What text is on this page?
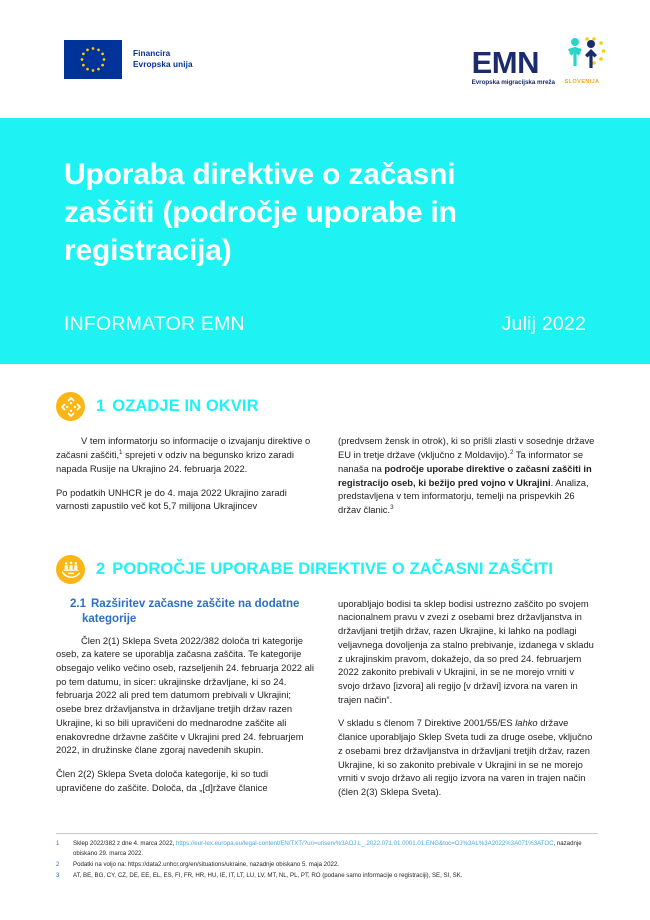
Financira
Evropska unija	EMN
Evropska migracijska mreža SLOVENIJA
Uporaba direktive o začasni zaščiti (področje uporabe in registracija)
INFORMATOR EMN	Julij 2022
1 OZADJE IN OKVIR

V tem informatorju so informacije o izvajanju direktive o začasni zaščiti,$^1$ sprejeti v odziv na begunsko krizo zaradi napada Rusije na Ukrajino 24. februarja 2022.

Po podatkih UNHCR je do 4. maja 2022 Ukrajino zaradi varnosti zapustilo več kot 5,7 milijona Ukrajincev

(predvsem žensk in otrok), ki so prišli zlasti v sosednje države EU in tretje države (vključno z Moldavijo).$^2$ Ta informator se nanaša na področje uporabe direktive o začasni zaščiti in registracijo oseb, ki bežijo pred vojno v Ukrajini. Analiza, predstavljena v tem informatorju, temelji na prispevkih 26 držav članic.$^3$

2 PODROČJE UPORABE DIREKTIVE O ZAČASNI ZAŠČITI
2.1 Razširitev začasne zaščite na dodatne kategorije

Člen 2(1) Sklepa Sveta 2022/382 določa tri kategorije oseb, za katere se uporablja začasna zaščita. Te kategorije obsegajo veliko večino oseb, razseljenih 24. februarja 2022 ali po tem datumu, in sicer: ukrajinske državljane, ki so 24. februarja 2022 ali pred tem datumom prebivali v Ukrajini; osebe brez državljanstva in državljane tretjih držav razen Ukrajine, ki so bili upravičeni do mednarodne zaščite ali enakovredne državne zaščite v Ukrajini pred 24. februarjem 2022, in družinske člane zgoraj navedenih skupin.

Člen 2(2) Sklepa Sveta določa kategorije, ki so tudi upravičene do zaščite. Določa, da „[d]ržave članice

uporabljajo bodisi ta sklep bodisi ustrezno zaščito po svojem nacionalnem pravu v zvezi z osebami brez državljanstva in državljani tretjih držav, razen Ukrajine, ki lahko na podlagi veljavnega dovoljenja za stalno prebivanje, izdanega v skladu z ukrajinskim pravom, dokažejo, da so pred 24. februarjem 2022 zakonito prebivali v Ukrajini, in se ne morejo vrniti v svojo državo [izvora] ali regijo [v državi] izvora na varen in trajen način“.

V skladu s členom 7 Direktive 2001/55/ES lahko države članice uporabljajo Sklep Sveta tudi za druge osebe, vključno z osebami brez državljanstva in državljani tretjih držav, razen Ukrajine, ki so zakonito prebivale v Ukrajini in se ne morejo vrniti v svojo državo ali regijo izvora na varen in trajen način (člen 2(3) Sklepa Sveta).

1	Sklep 2022/382 z dne 4. marca 2022, https://eur-lex.europa.eu/legal-content/EN/TXT/?uri=uriserv%3AOJ.L_.2022.071.01.0001.01.ENG&toc=OJ%3AL%3A2022%3A071%3ATOC, nazadnje obiskano 29. marca 2022.
2	Podatki na voljo na: https://data2.unhcr.org/en/situations/ukraine, nazadnje obiskano 5. maja 2022.
3	AT, BE, BG, CY, CZ, DE, EE, EL, ES, FI, FR, HR, HU, IE, IT, LT, LU, LV, MT, NL, PL, PT, RO (podane samo informacije o registraciji), SE, SI, SK.
